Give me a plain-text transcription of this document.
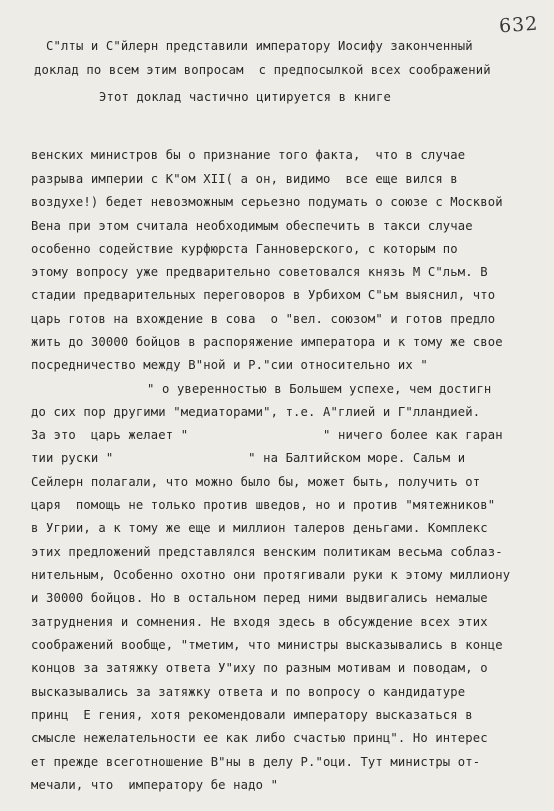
632
С"лты и С"йлерн представили императору Иосифу законченный
доклад по всем этим вопросам  с предпосылкой всех соображений
Этот доклад частично цитируется в книге
венских министров бы о признание того факта,  что в случае
разрыва империи с К"ом XII( а он, видимо  все еще вился в
воздухе!) бедет невозможным серьезно подумать о союзе с Москвой
Вена при этом считала необходимым обеспечить в такси случае
особенно содействие курфюрста Ганноверского, с которым по
этому вопросу уже предварительно советовался князь М С"льм. В
стадии предварительных переговоров в Урбихом С"ьм выяснил, что
царь готов на вхождение в сова  о "вел. союзом" и готов предло
жить до 30000 бойцов в распоряжение императора и к тому же свое
посредничество между В"ной и Р."сии относительно их "
" о уверенностью в Большем успехе, чем достигн
до сих пор другими "медиаторами", т.е. А"глией и Г"лландией.
За это  царь желает "                  " ничего более как гаран
тии руски "                  " на Балтийском море. Сальм и
Сейлерн полагали, что можно было бы, может быть, получить от
царя  помощь не только против шведов, но и против "мятежников"
в Угрии, а к тому же еще и миллион талеров деньгами. Комплекс
этих предложений представлялся венским политикам весьма соблаз-
нительным, Особенно охотно они протягивали руки к этому миллиону
и 30000 бойцов. Но в остальном перед ними выдвигались немалые
затруднения и сомнения. Не входя здесь в обсуждение всех этих
соображений вообще, "тметим, что министры высказывались в конце
концов за затяжку ответа У"иху по разным мотивам и поводам, о
высказывались за затяжку ответа и по вопросу о кандидатуре
принц  Е гения, хотя рекомендовали императору высказаться в
смысле нежелательности ее как либо счастью принц". Но интерес
ет прежде всеготношение В"ны в делу Р."оци. Тут министры от-
мечали, что  императору бе надо "
